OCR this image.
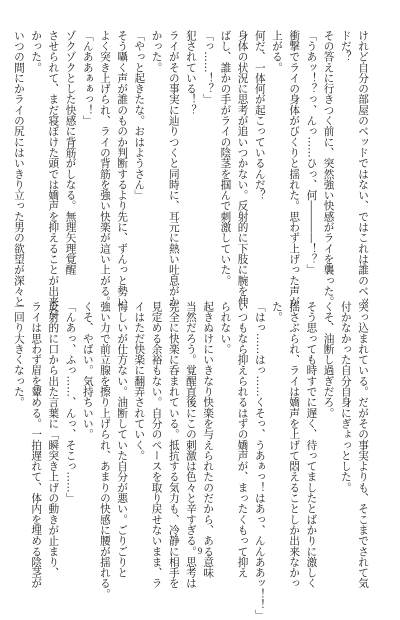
けれど自分の部屋のベッドではない、ではこれは誰のベッ
ドだ？
その答えに行きつく前に、突然強い快感がライを襲った。
「うあッ！？っ、んっ……ひっ、何――――！？」
衝撃でライの身体がびくりと揺れた。思わず上げった声が
上がる。
何だ、一体何が起こっているんだ？
身体の状況に思考が追いつかない。反射的に下肢に腕を伸
ばし、誰かの手がライの陰茎を掴んで刺激していた。
「っ……！？」
犯されている！？
ライがその事実に辿りつくと同時に、耳元に熱い吐息がか
かった。
「やっと起きたな。おはようさん」
そう囁く声が誰のものか判断するより先に、ずんっと勢い
よく突き上げられ、ライの背筋を強い快楽が這い上がる。
「んああぁぁっ！」
ゾクゾクとした快感に背筋がしなる。無理矢理覚醒
させられて、まだ寝ぼけた頭では嬌声を抑えることが出来な
かった。
いつの間にかライの尻にはいきり立った男の欲望が深々と
突っ込まれている。だがその事実よりも、そこまでされて気
付かなかった自分自身にぎょっとした。
くそ、油断し過ぎだろ。
そう思っても時すでに遅く、待ってましたとばかりに激しく
揺さぶられ、ライは嬌声を上げて悶えることしか出来なかっ
た。
「はっ……はっ……くそっ、うあぁっ！はあっ、んんああッ！！」
いつもなら抑えられるはずの嬌声が、まったくもって抑え
られない。
起きぬけにいきなり快楽を与えられたのだから、ある意味
当然だろう。覚醒直後にこの刺激は色々と辛すぎる。思考は
完全に快楽に呑まれている。抵抗する気力も、冷静に相手を
見定める余裕もない。自分のペースを取り戻せないまま、ラ
イはただ快楽に翻弄されていく。
悔しいが仕方ない。油断していた自分が悪い。ごりごりと
強い力で前立腺を擦り上げられ、あまりの快感に腰が揺れる。
くそ、やばい。気持ちいい。
「んあっ、ふっ……、んっ、そこっ……」
反射的に口から出た言葉に「瞬突き上げの動きが止まり、
ライは思わず眉を顰める。一拍遅れて、体内を埋める陰茎が
一回り大きくなった。
9
